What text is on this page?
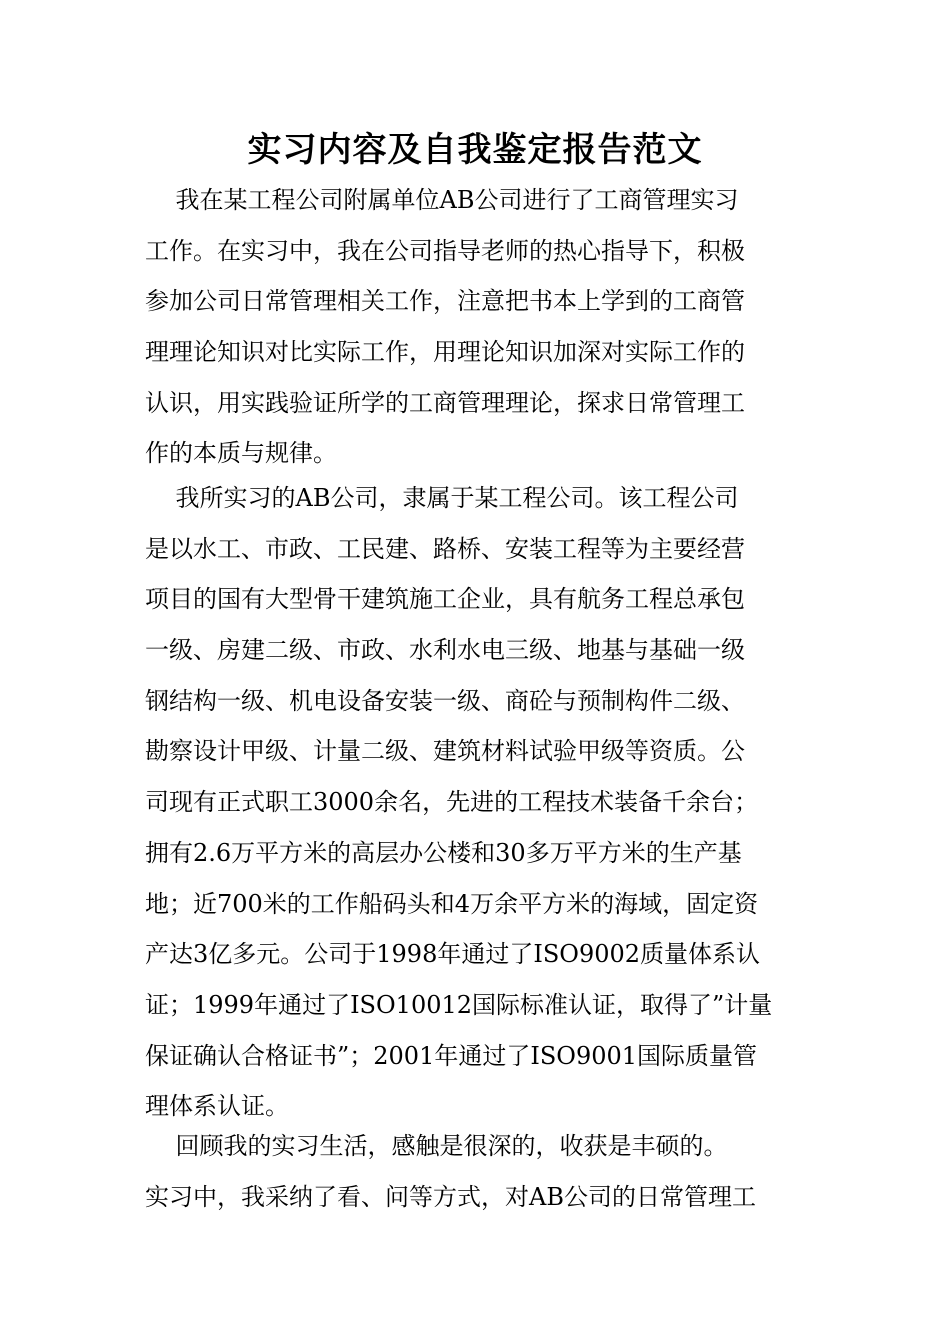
实习内容及自我鉴定报告范文
我在某工程公司附属单位AB公司进行了工商管理实习
工作。在实习中，我在公司指导老师的热心指导下，积极
参加公司日常管理相关工作，注意把书本上学到的工商管
理理论知识对比实际工作，用理论知识加深对实际工作的
认识，用实践验证所学的工商管理理论，探求日常管理工
作的本质与规律。
我所实习的AB公司，隶属于某工程公司。该工程公司
是以水工、市政、工民建、路桥、安装工程等为主要经营
项目的国有大型骨干建筑施工企业，具有航务工程总承包
一级、房建二级、市政、水利水电三级、地基与基础一级
钢结构一级、机电设备安装一级、商砼与预制构件二级、
勘察设计甲级、计量二级、建筑材料试验甲级等资质。公
司现有正式职工3000余名，先进的工程技术装备千余台；
拥有2.6万平方米的高层办公楼和30多万平方米的生产基
地；近700米的工作船码头和4万余平方米的海域，固定资
产达3亿多元。公司于1998年通过了ISO9002质量体系认
证；1999年通过了ISO10012国际标准认证，取得了”计量
保证确认合格证书”；2001年通过了ISO9001国际质量管
理体系认证。
回顾我的实习生活，感触是很深的，收获是丰硕的。
实习中，我采纳了看、问等方式，对AB公司的日常管理工
